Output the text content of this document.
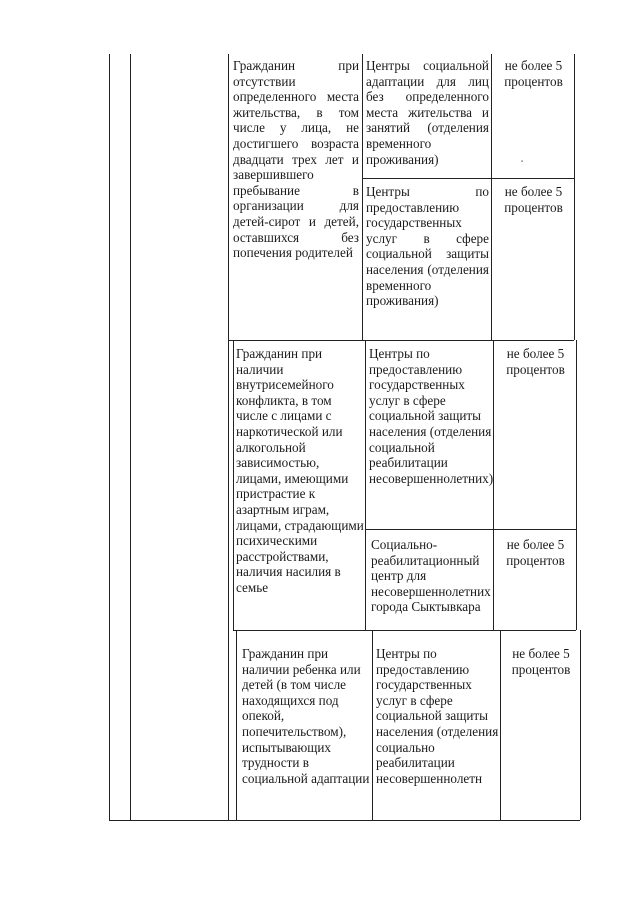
Гражданин при отсутствии определенного места жительства, в том числе у лица, не достигшего возраста двадцати трех лет и завершившего пребывание в организации для детей-сирот и детей, оставшихся без попечения родителей
Центры социальной адаптации для лиц без определенного места жительства и занятий (отделения временного проживания)
не более 5 процентов
Центры по предоставлению государственных услуг в сфере социальной защиты населения (отделения временного проживания)
не более 5 процентов
Гражданин при наличии внутрисемейного конфликта, в том числе с лицами с наркотической или алкогольной зависимостью, лицами, имеющими пристрастие к азартным играм, лицами, страдающими психическими расстройствами, наличия насилия в семье
Центры по предоставлению государственных услуг в сфере социальной защиты населения (отделения социальной реабилитации несовершеннолетних)
не более 5 процентов
Социально-реабилитационный центр для несовершеннолетних города Сыктывкара
не более 5 процентов
Гражданин при наличии ребенка или детей (в том числе находящихся под опекой, попечительством), испытывающих трудности в социальной адаптации
Центры по предоставлению государственных услуг в сфере социальной защиты населения (отделения социально реабилитации несовершеннолетн
не более 5 процентов
